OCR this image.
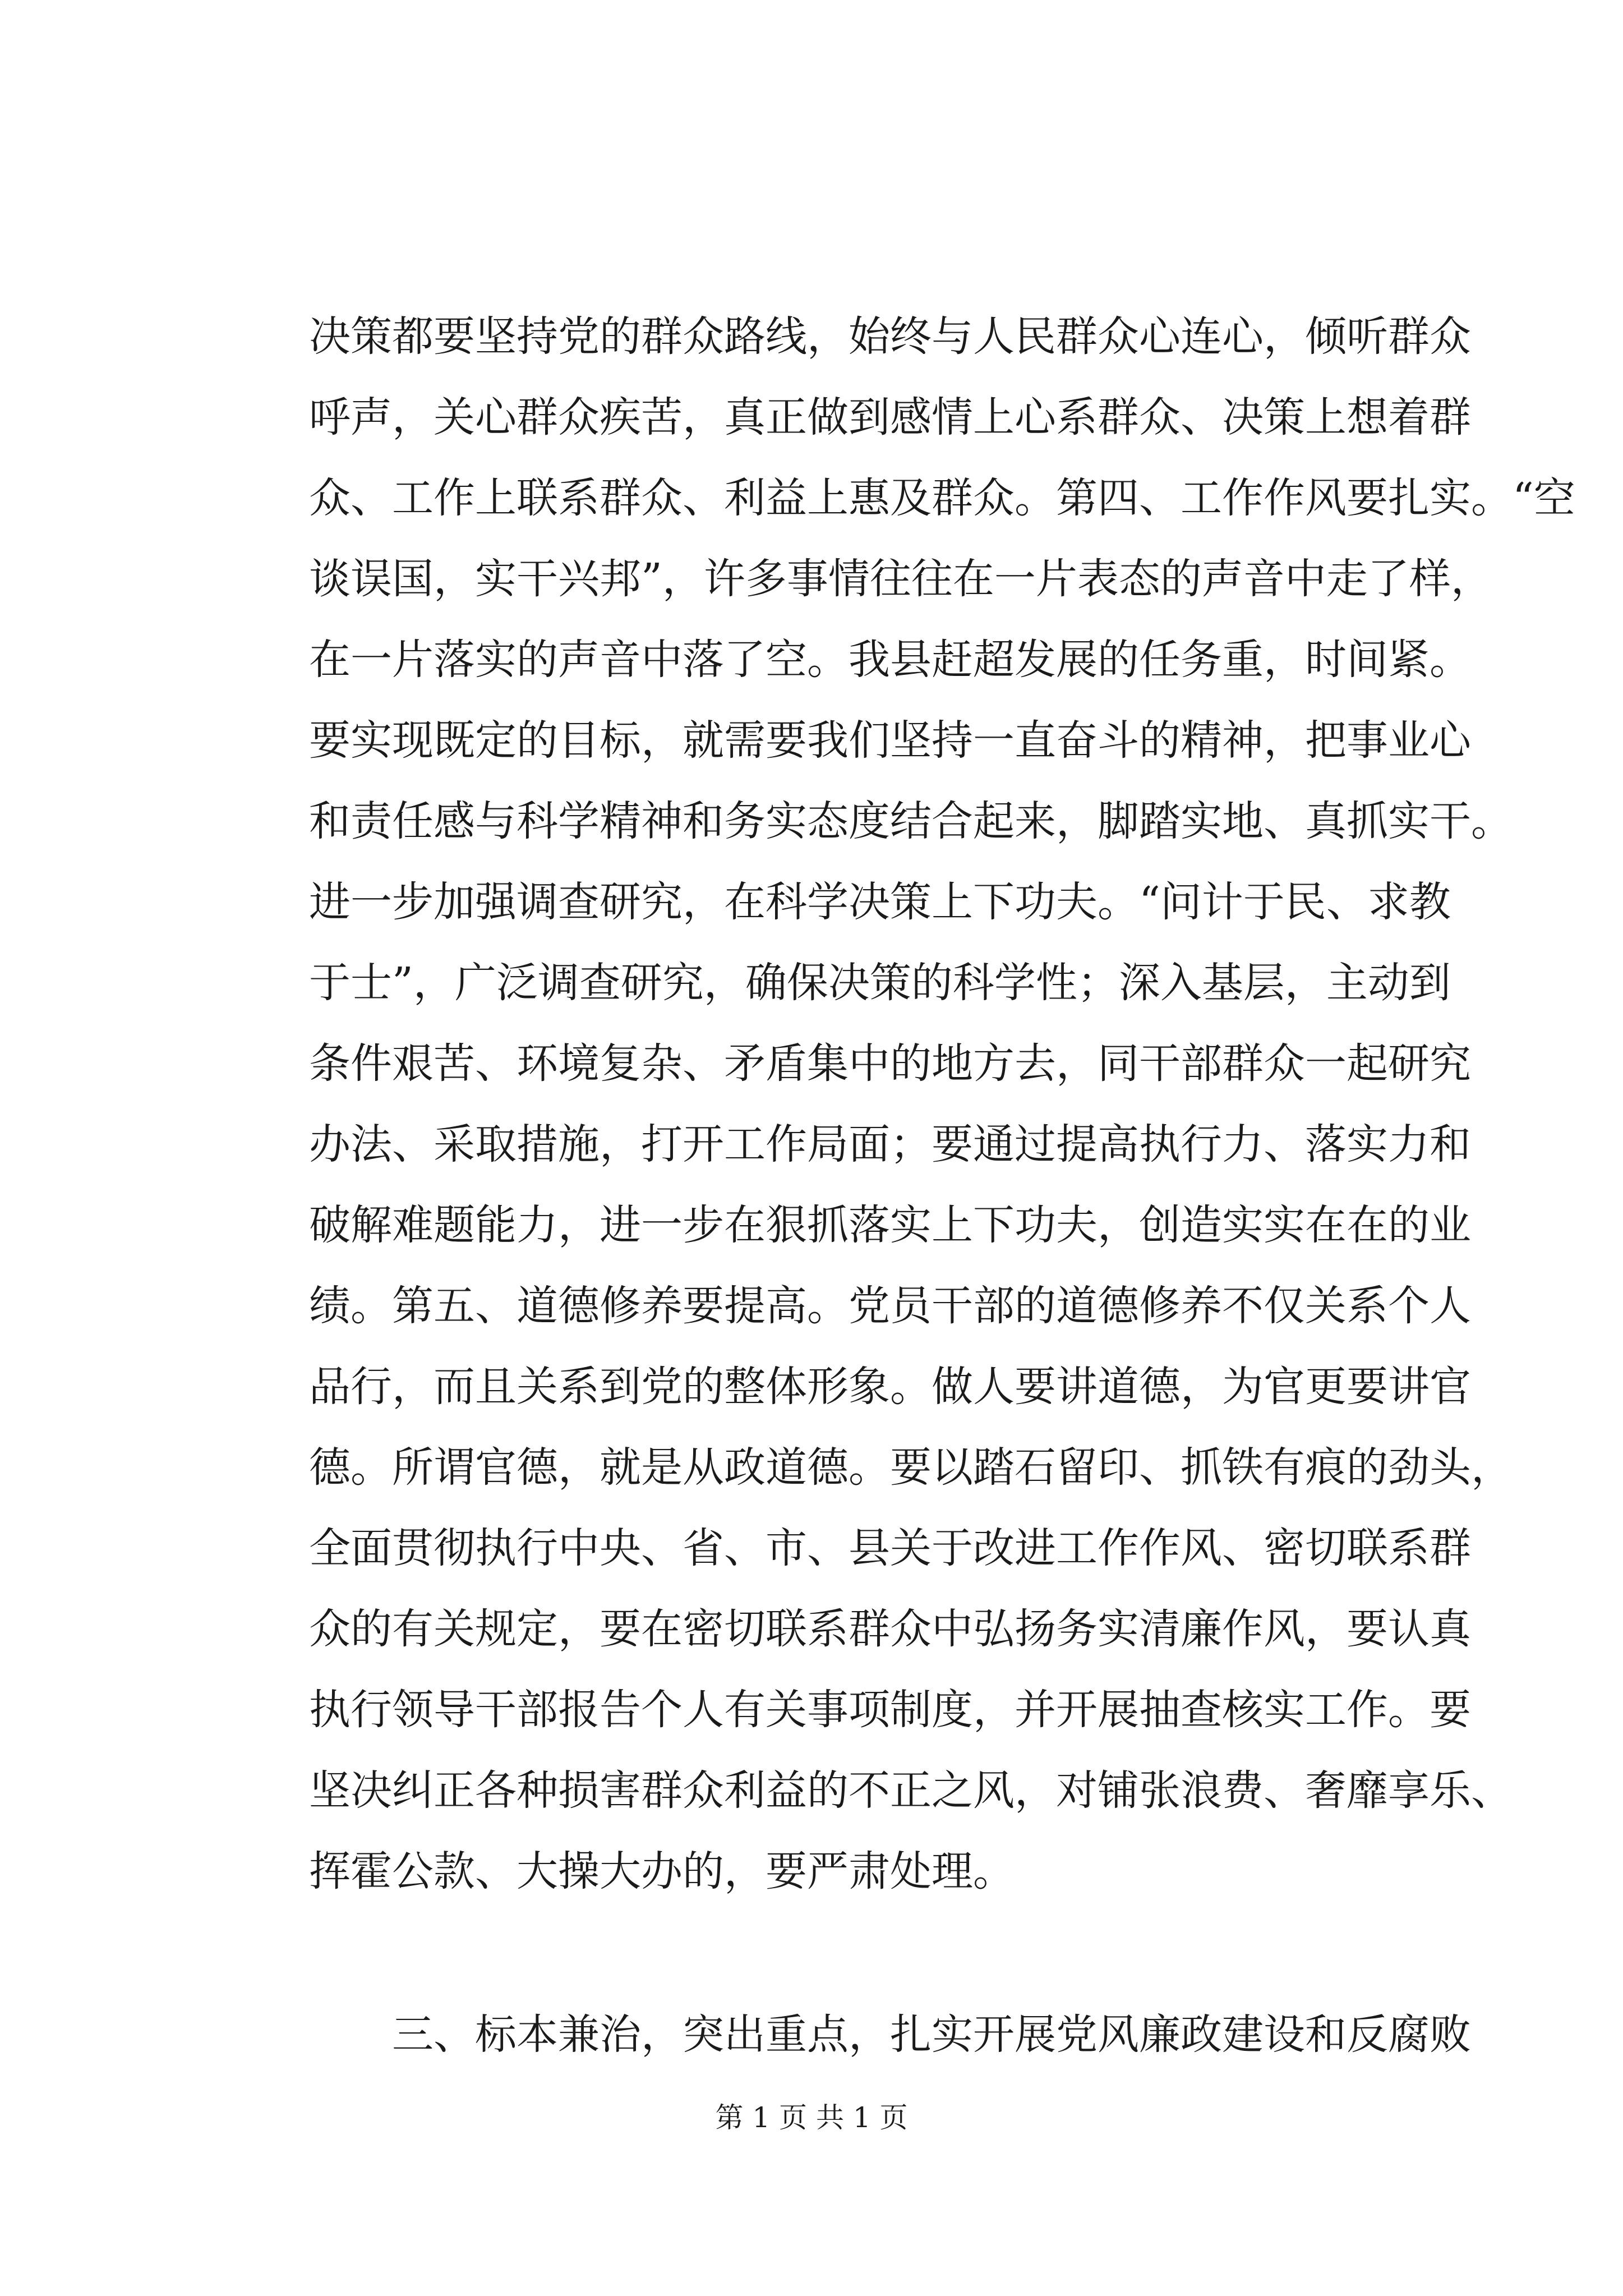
决策都要坚持党的群众路线，始终与人民群众心连心，倾听群众
呼声，关心群众疾苦，真正做到感情上心系群众、决策上想着群
众、工作上联系群众、利益上惠及群众。第四、工作作风要扎实。“空
谈误国，实干兴邦”，许多事情往往在一片表态的声音中走了样，
在一片落实的声音中落了空。我县赶超发展的任务重，时间紧。
要实现既定的目标，就需要我们坚持一直奋斗的精神，把事业心
和责任感与科学精神和务实态度结合起来，脚踏实地、真抓实干。
进一步加强调查研究，在科学决策上下功夫。“问计于民、求教
于士”，广泛调查研究，确保决策的科学性；深入基层，主动到
条件艰苦、环境复杂、矛盾集中的地方去，同干部群众一起研究
办法、采取措施，打开工作局面；要通过提高执行力、落实力和
破解难题能力，进一步在狠抓落实上下功夫，创造实实在在的业
绩。第五、道德修养要提高。党员干部的道德修养不仅关系个人
品行，而且关系到党的整体形象。做人要讲道德，为官更要讲官
德。所谓官德，就是从政道德。要以踏石留印、抓铁有痕的劲头，
全面贯彻执行中央、省、市、县关于改进工作作风、密切联系群
众的有关规定，要在密切联系群众中弘扬务实清廉作风，要认真
执行领导干部报告个人有关事项制度，并开展抽查核实工作。要
坚决纠正各种损害群众利益的不正之风，对铺张浪费、奢靡享乐、
挥霍公款、大操大办的，要严肃处理。
三、标本兼治，突出重点，扎实开展党风廉政建设和反腐败
第 1 页 共 1 页
